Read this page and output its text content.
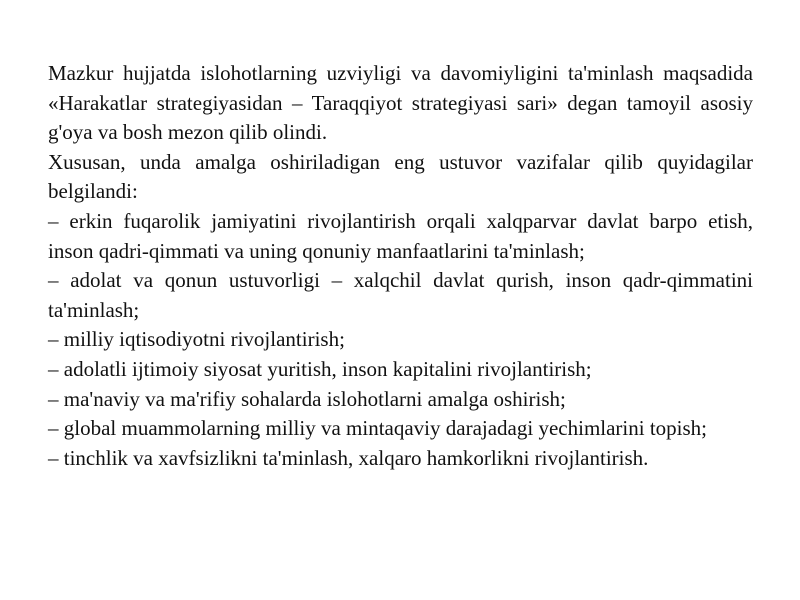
Mazkur hujjatda islohotlarning uzviyligi va davomiyligini ta'minlash maqsadida «Harakatlar strategiyasidan – Taraqqiyot strategiyasi sari» degan tamoyil asosiy g'oya va bosh mezon qilib olindi.

Xususan, unda amalga oshiriladigan eng ustuvor vazifalar qilib quyidagilar belgilandi:

– erkin fuqarolik jamiyatini rivojlantirish orqali xalqparvar davlat barpo etish, inson qadri-qimmati va uning qonuniy manfaatlarini ta'minlash;

– adolat va qonun ustuvorligi – xalqchil davlat qurish, inson qadr-qimmatini ta'minlash;

– milliy iqtisodiyotni rivojlantirish;

– adolatli ijtimoiy siyosat yuritish, inson kapitalini rivojlantirish;

– ma'naviy va ma'rifiy sohalarda islohotlarni amalga oshirish;

– global muammolarning milliy va mintaqaviy darajadagi yechimlarini topish;

– tinchlik va xavfsizlikni ta'minlash, xalqaro hamkorlikni rivojlantirish.
